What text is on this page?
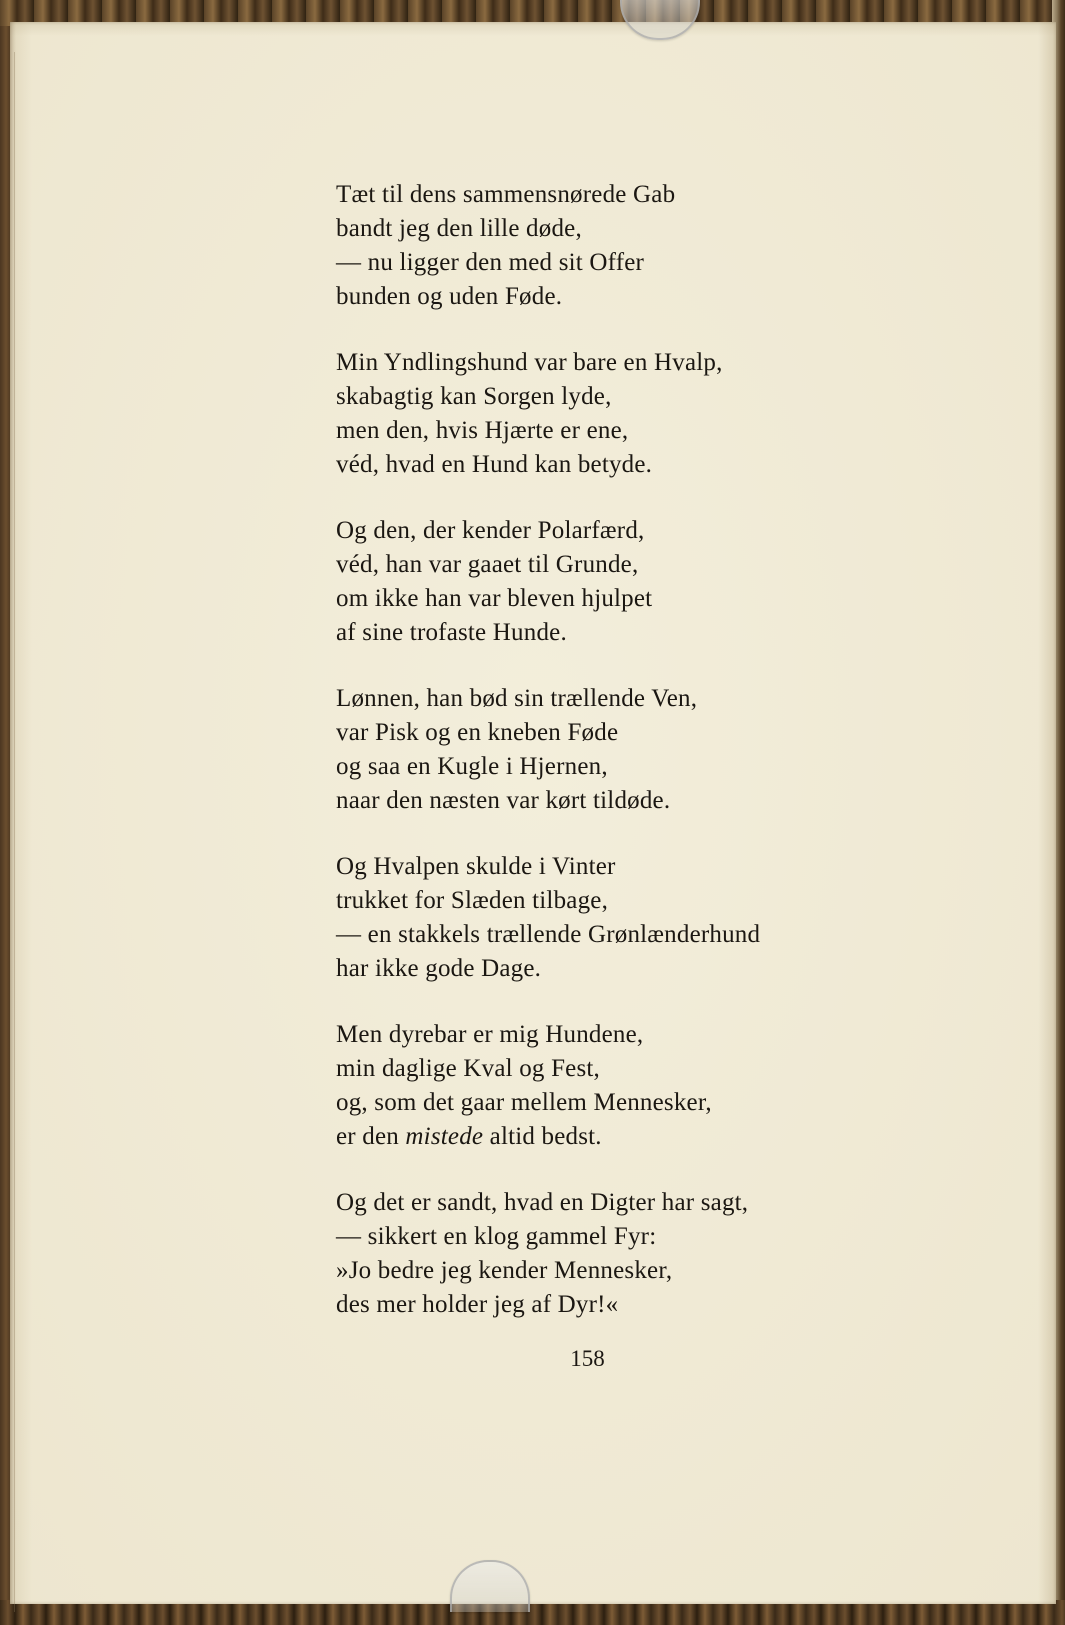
Tæt til dens sammensnørede Gab
bandt jeg den lille døde,
— nu ligger den med sit Offer
bunden og uden Føde.
Min Yndlingshund var bare en Hvalp,
skabagtig kan Sorgen lyde,
men den, hvis Hjærte er ene,
véd, hvad en Hund kan betyde.
Og den, der kender Polarfærd,
véd, han var gaaet til Grunde,
om ikke han var bleven hjulpet
af sine trofaste Hunde.
Lønnen, han bød sin trællende Ven,
var Pisk og en kneben Føde
og saa en Kugle i Hjernen,
naar den næsten var kørt tildøde.
Og Hvalpen skulde i Vinter
trukket for Slæden tilbage,
— en stakkels trællende Grønlænderhund
har ikke gode Dage.
Men dyrebar er mig Hundene,
min daglige Kval og Fest,
og, som det gaar mellem Mennesker,
er den mistede altid bedst.
Og det er sandt, hvad en Digter har sagt,
— sikkert en klog gammel Fyr:
»Jo bedre jeg kender Mennesker,
des mer holder jeg af Dyr!«
158
